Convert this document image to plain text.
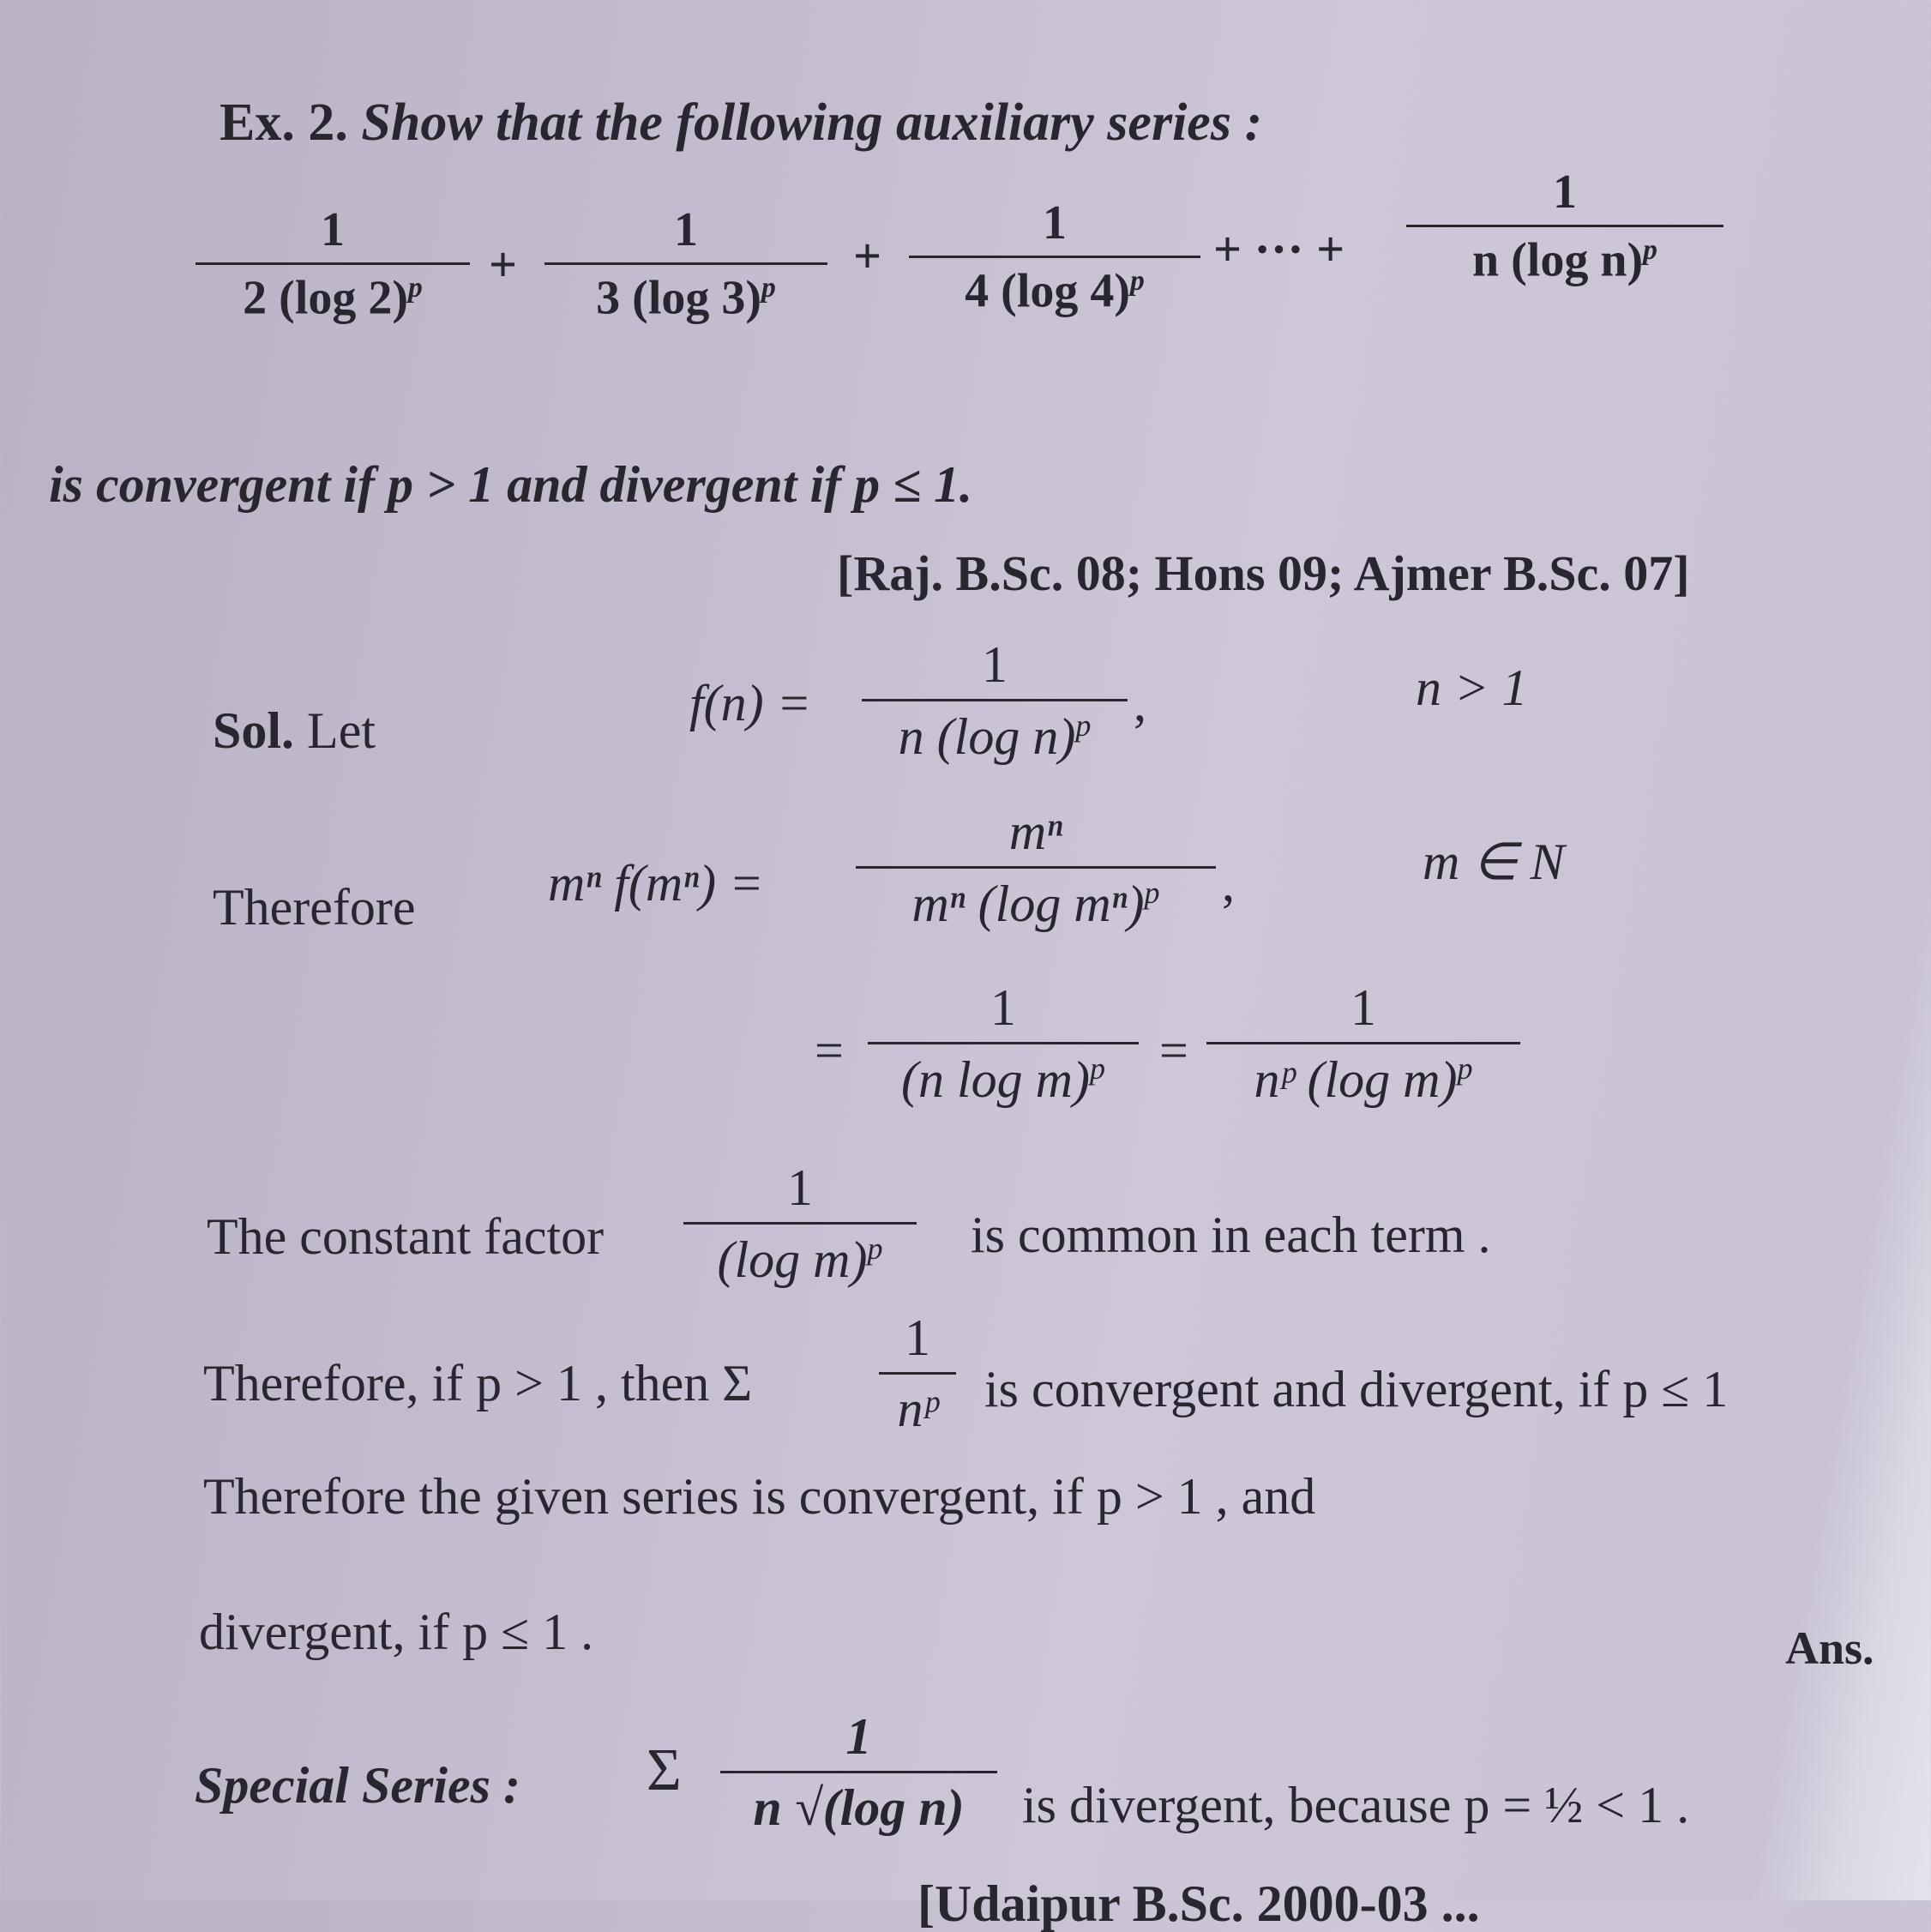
Ex. 2. Show that the following auxiliary series :
1
2 (log 2)$^p$ +
1
3 (log 3)$^p$
+
1
4 (log 4)$^p$
+ ··· +
1
n (log n)$^p$
is convergent if p > 1 and divergent if p ≤ 1.
[Raj. B.Sc. 08; Hons 09; Ajmer B.Sc. 07]
Sol. Let	f(n) =
1
n (log n)$^p$ ,	n > 1
Therefore	mⁿ f(mⁿ) =
mⁿ
mⁿ (log mⁿ)$^p$ ,	m ∈ N
=
1
(n log m)$^p$ =
1
nᵖ (log m)$^p$
The constant factor
1
(log m)$^p$ is common in each term .
Therefore, if p > 1 , then Σ
1
nᵖ is convergent and divergent, if p ≤ 1
Therefore the given series is convergent, if p > 1 , and
divergent, if p ≤ 1 .	Ans.
Special Series : Σ
1
n √(log n) is divergent, because p = ½ < 1 .
[Udaipur B.Sc. 2000-03 ...
